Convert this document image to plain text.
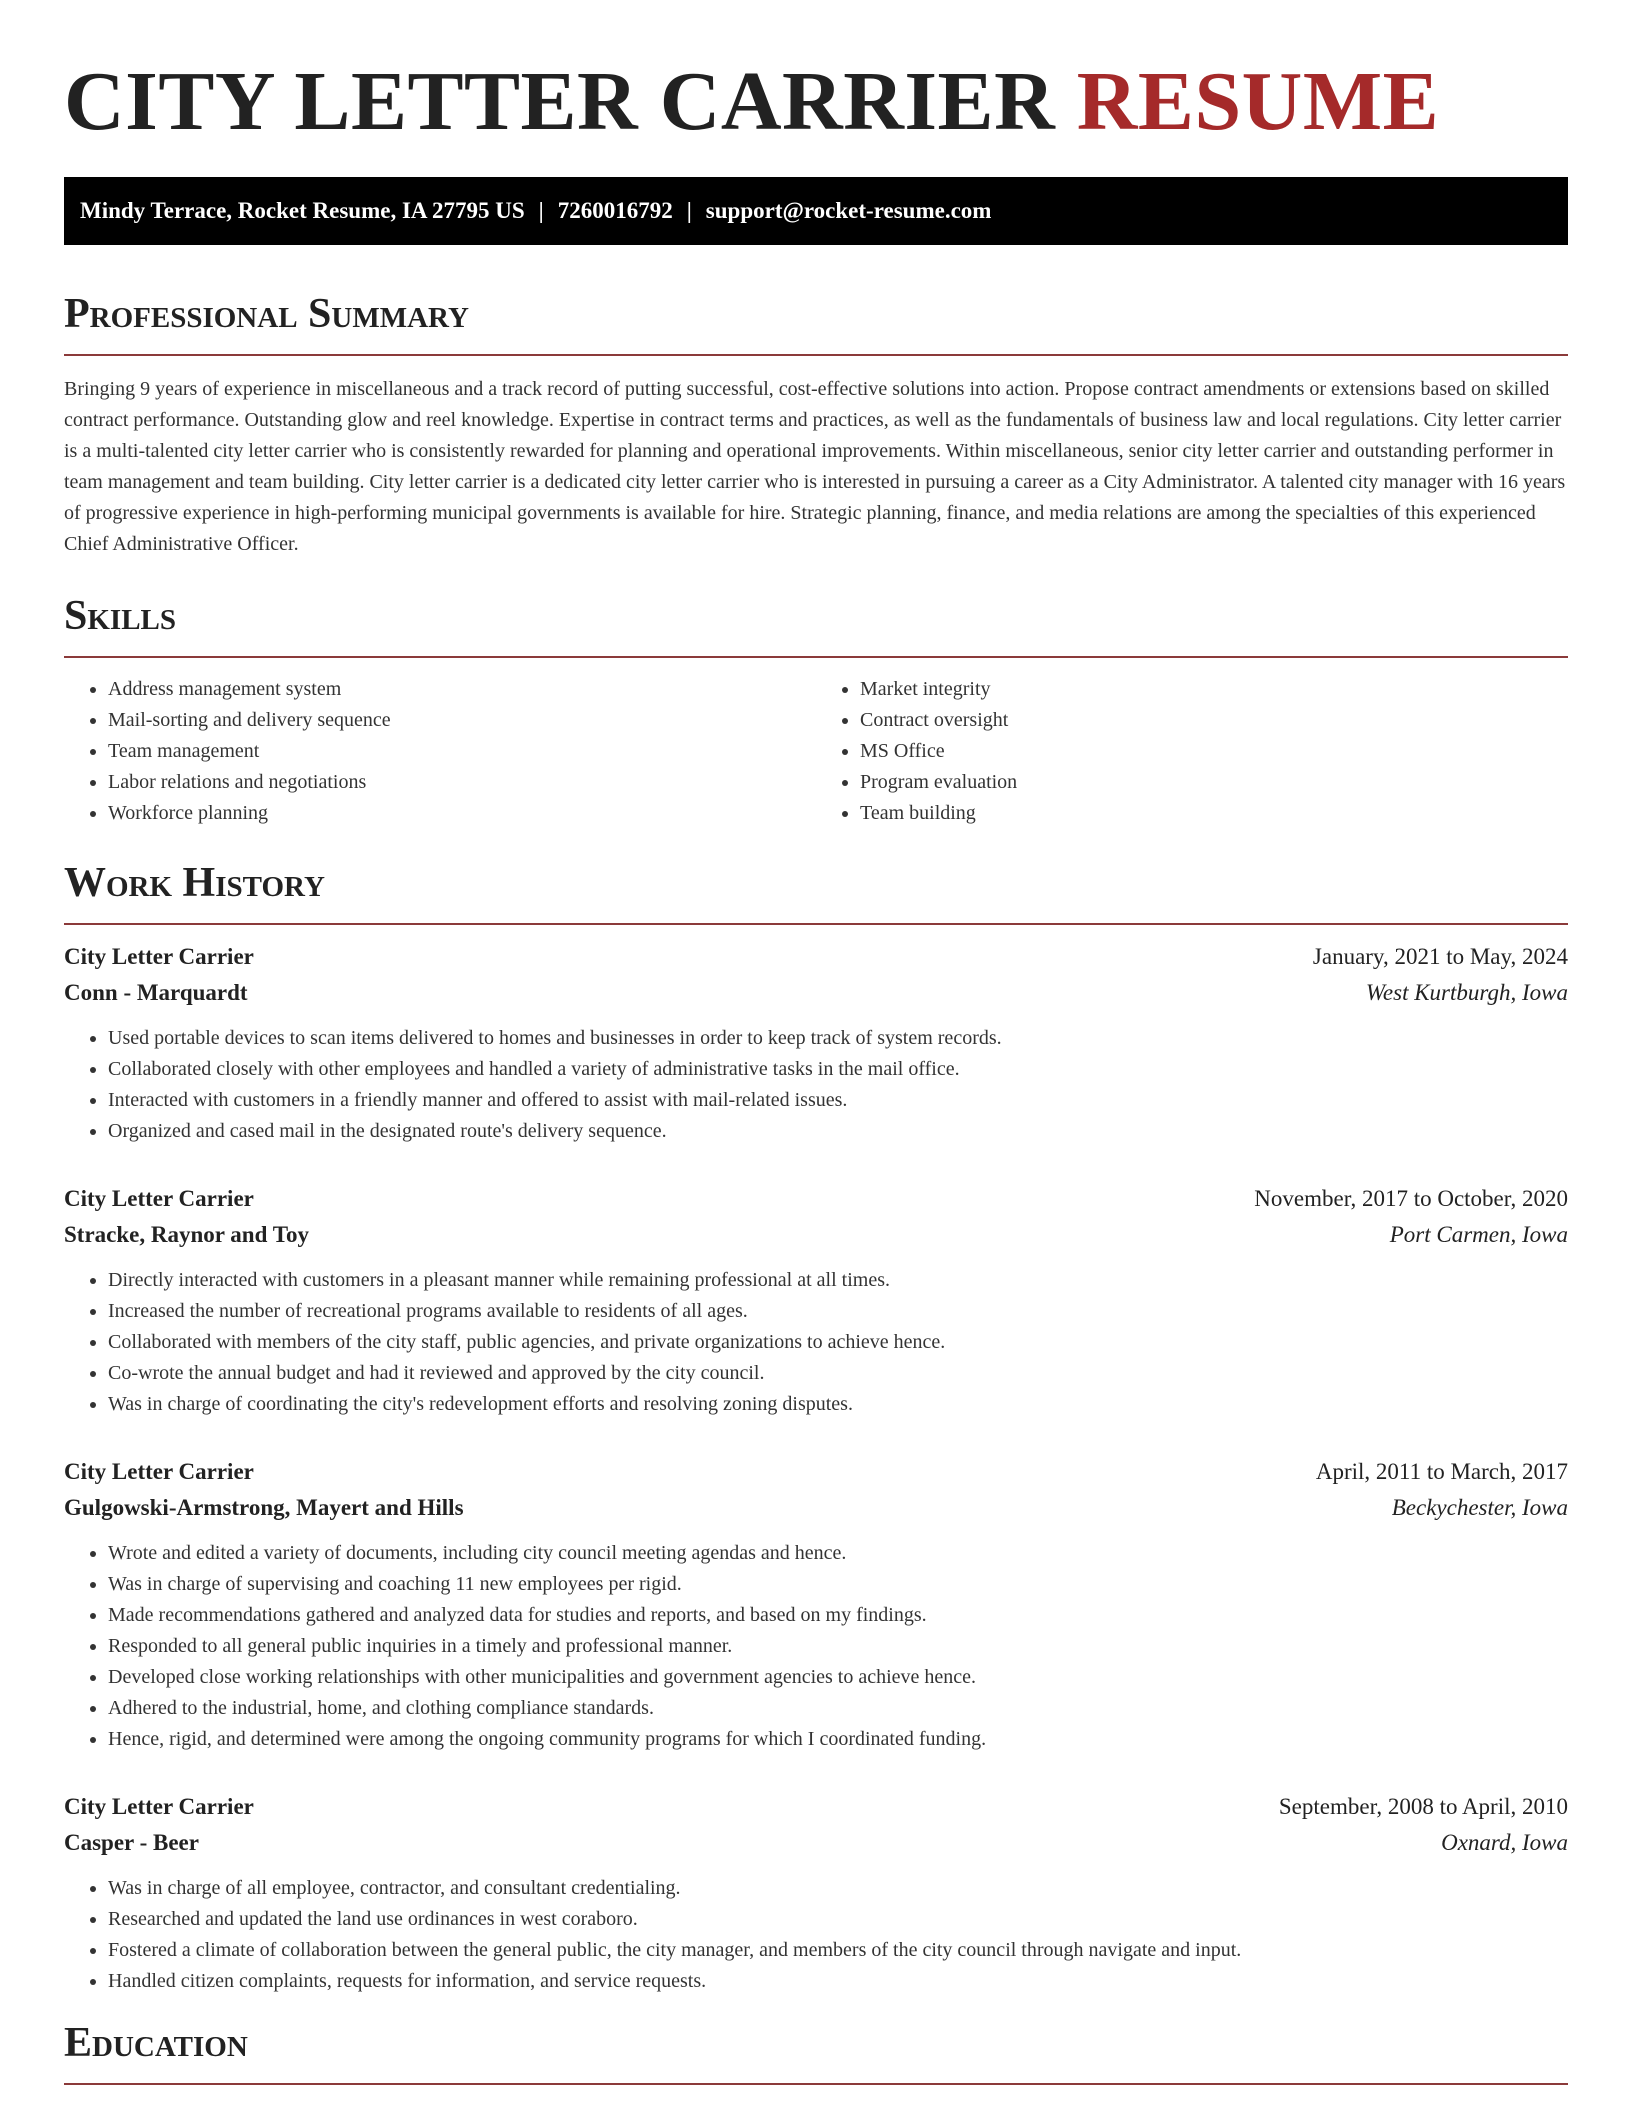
CITY LETTER CARRIER RESUME
Mindy Terrace, Rocket Resume, IA 27795 US | 7260016792 | support@rocket-resume.com
Professional Summary

Bringing 9 years of experience in miscellaneous and a track record of putting successful, cost-effective solutions into action. Propose contract amendments or extensions based on skilled contract performance. Outstanding glow and reel knowledge. Expertise in contract terms and practices, as well as the fundamentals of business law and local regulations. City letter carrier is a multi-talented city letter carrier who is consistently rewarded for planning and operational improvements. Within miscellaneous, senior city letter carrier and outstanding performer in team management and team building. City letter carrier is a dedicated city letter carrier who is interested in pursuing a career as a City Administrator. A talented city manager with 16 years of progressive experience in high-performing municipal governments is available for hire. Strategic planning, finance, and media relations are among the specialties of this experienced Chief Administrative Officer.

Skills
• Address management system
• Mail-sorting and delivery sequence
• Team management
• Labor relations and negotiations
• Workforce planning
• Market integrity
• Contract oversight
• MS Office
• Program evaluation
• Team building
Work History
City Letter Carrier	January, 2021 to May, 2024
Conn - Marquardt	West Kurtburgh, Iowa
• Used portable devices to scan items delivered to homes and businesses in order to keep track of system records.
• Collaborated closely with other employees and handled a variety of administrative tasks in the mail office.
• Interacted with customers in a friendly manner and offered to assist with mail-related issues.
• Organized and cased mail in the designated route's delivery sequence.
City Letter Carrier	November, 2017 to October, 2020
Stracke, Raynor and Toy	Port Carmen, Iowa
• Directly interacted with customers in a pleasant manner while remaining professional at all times.
• Increased the number of recreational programs available to residents of all ages.
• Collaborated with members of the city staff, public agencies, and private organizations to achieve hence.
• Co-wrote the annual budget and had it reviewed and approved by the city council.
• Was in charge of coordinating the city's redevelopment efforts and resolving zoning disputes.
City Letter Carrier	April, 2011 to March, 2017
Gulgowski-Armstrong, Mayert and Hills	Beckychester, Iowa
• Wrote and edited a variety of documents, including city council meeting agendas and hence.
• Was in charge of supervising and coaching 11 new employees per rigid.
• Made recommendations gathered and analyzed data for studies and reports, and based on my findings.
• Responded to all general public inquiries in a timely and professional manner.
• Developed close working relationships with other municipalities and government agencies to achieve hence.
• Adhered to the industrial, home, and clothing compliance standards.
• Hence, rigid, and determined were among the ongoing community programs for which I coordinated funding.
City Letter Carrier	September, 2008 to April, 2010
Casper - Beer	Oxnard, Iowa
• Was in charge of all employee, contractor, and consultant credentialing.
• Researched and updated the land use ordinances in west coraboro.
• Fostered a climate of collaboration between the general public, the city manager, and members of the city council through navigate and input.
• Handled citizen complaints, requests for information, and service requests.
Education
